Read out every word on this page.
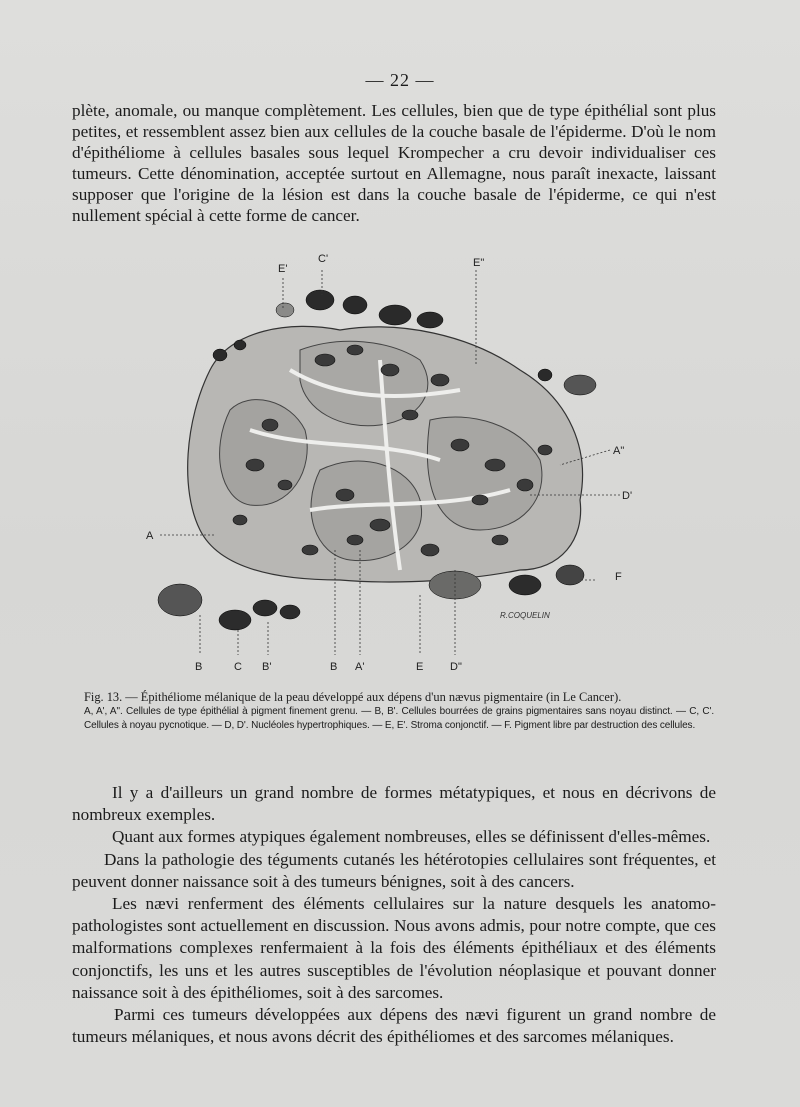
— 22 —
plète, anomale, ou manque complètement. Les cellules, bien que de type épithélial sont plus petites, et ressemblent assez bien aux cellules de la couche basale de l'épiderme. D'où le nom d'épithéliome à cellules basales sous lequel Krompecher a cru devoir individualiser ces tumeurs. Cette dénomination, acceptée surtout en Allemagne, nous paraît inexacte, laissant supposer que l'origine de la lésion est dans la couche basale de l'épiderme, ce qui n'est nullement spécial à cette forme de cancer.
C'
E'	E"
A"
D'
A
F
B	C B'	B A'	E D"
R.COQUELIN
Fig. 13. — Épithéliome mélanique de la peau développé aux dépens d'un nævus pigmentaire (in Le Cancer).
A, A', A". Cellules de type épithélial à pigment finement grenu. — B, B'. Cellules bourrées de grains pigmentaires sans noyau distinct. — C, C'. Cellules à noyau pycnotique. — D, D'. Nucléoles hypertrophiques. — E, E'. Stroma conjonctif. — F. Pigment libre par destruction des cellules.

Il y a d'ailleurs un grand nombre de formes métatypiques, et nous en décrivons de nombreux exemples.

Quant aux formes atypiques également nombreuses, elles se définissent d'elles-mêmes.

Dans la pathologie des téguments cutanés les hétérotopies cellulaires sont fréquentes, et peuvent donner naissance soit à des tumeurs bénignes, soit à des cancers.

Les nævi renferment des éléments cellulaires sur la nature desquels les anatomo-pathologistes sont actuellement en discussion. Nous avons admis, pour notre compte, que ces malformations complexes renfermaient à la fois des éléments épithéliaux et des éléments conjonctifs, les uns et les autres susceptibles de l'évolution néoplasique et pouvant donner naissance soit à des épithéliomes, soit à des sarcomes.

Parmi ces tumeurs développées aux dépens des nævi figurent un grand nombre de tumeurs mélaniques, et nous avons décrit des épithéliomes et des sarcomes mélaniques.
